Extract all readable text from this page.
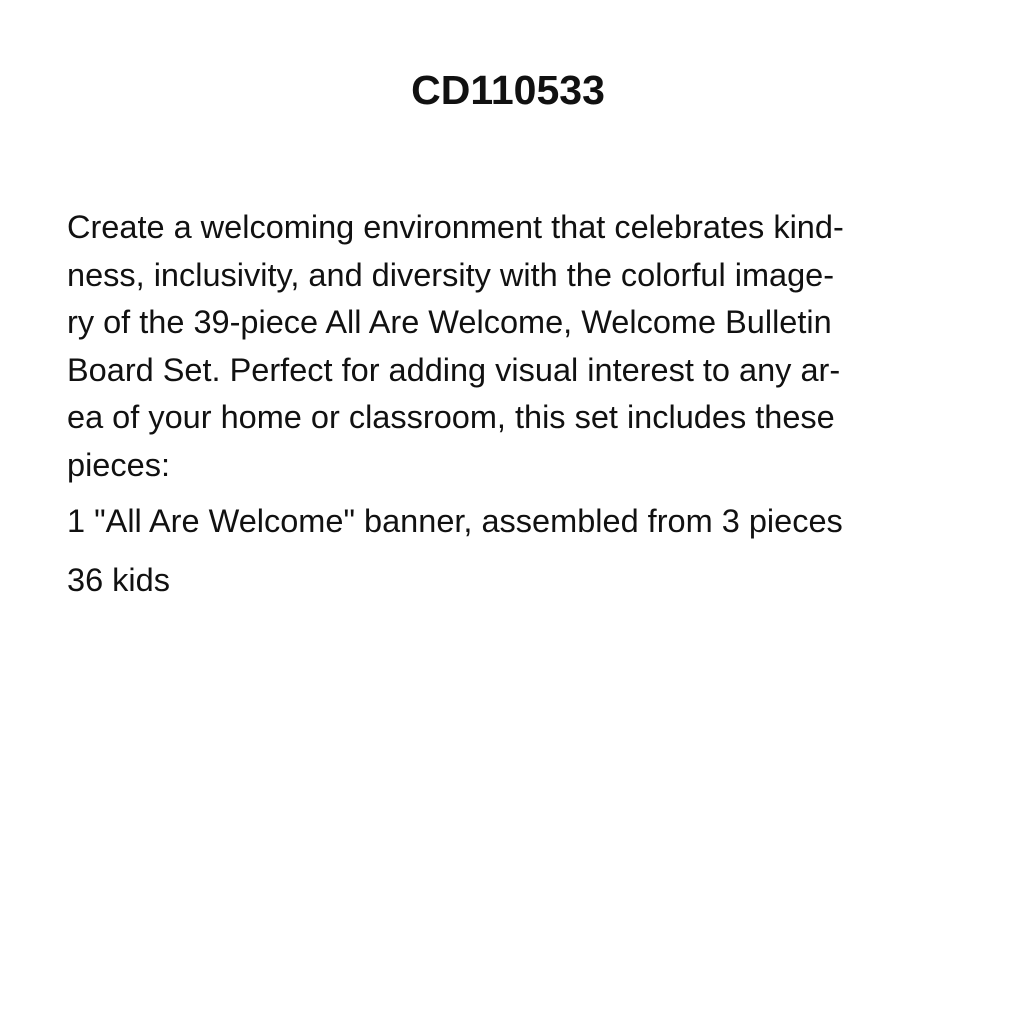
CD110533

Create a welcoming environment that celebrates kind-
ness, inclusivity, and diversity with the colorful image-
ry of the 39-piece All Are Welcome, Welcome Bulletin
Board Set. Perfect for adding visual interest to any ar-
ea of your home or classroom, this set includes these
pieces:

1 "All Are Welcome" banner, assembled from 3 pieces
36 kids
